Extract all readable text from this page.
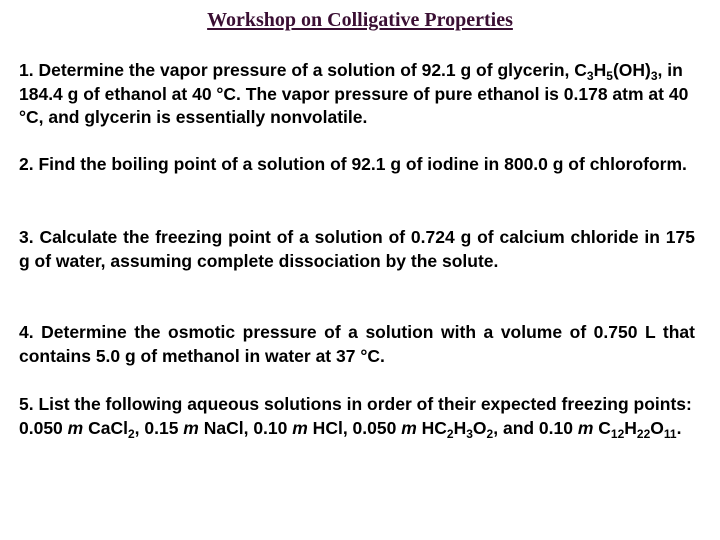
Workshop on Colligative Properties

1. Determine the vapor pressure of a solution of 92.1 g of glycerin, $C_3H_5(OH)_3$, in 184.4 g of ethanol at 40 °C. The vapor pressure of pure ethanol is 0.178 atm at 40 °C, and glycerin is essentially nonvolatile.

2. Find the boiling point of a solution of 92.1 g of iodine in 800.0 g of chloroform.

3. Calculate the freezing point of a solution of 0.724 g of calcium chloride in 175 g of water, assuming complete dissociation by the solute.

4. Determine the osmotic pressure of a solution with a volume of 0.750 L that contains 5.0 g of methanol in water at 37 °C.

5. List the following aqueous solutions in order of their expected freezing points: 0.050 m CaCl$_2$, 0.15 m NaCl, 0.10 m HCl, 0.050 m $HC_2H_3O_2$, and 0.10 m $C_{12}H_{22}O_{11}$.
